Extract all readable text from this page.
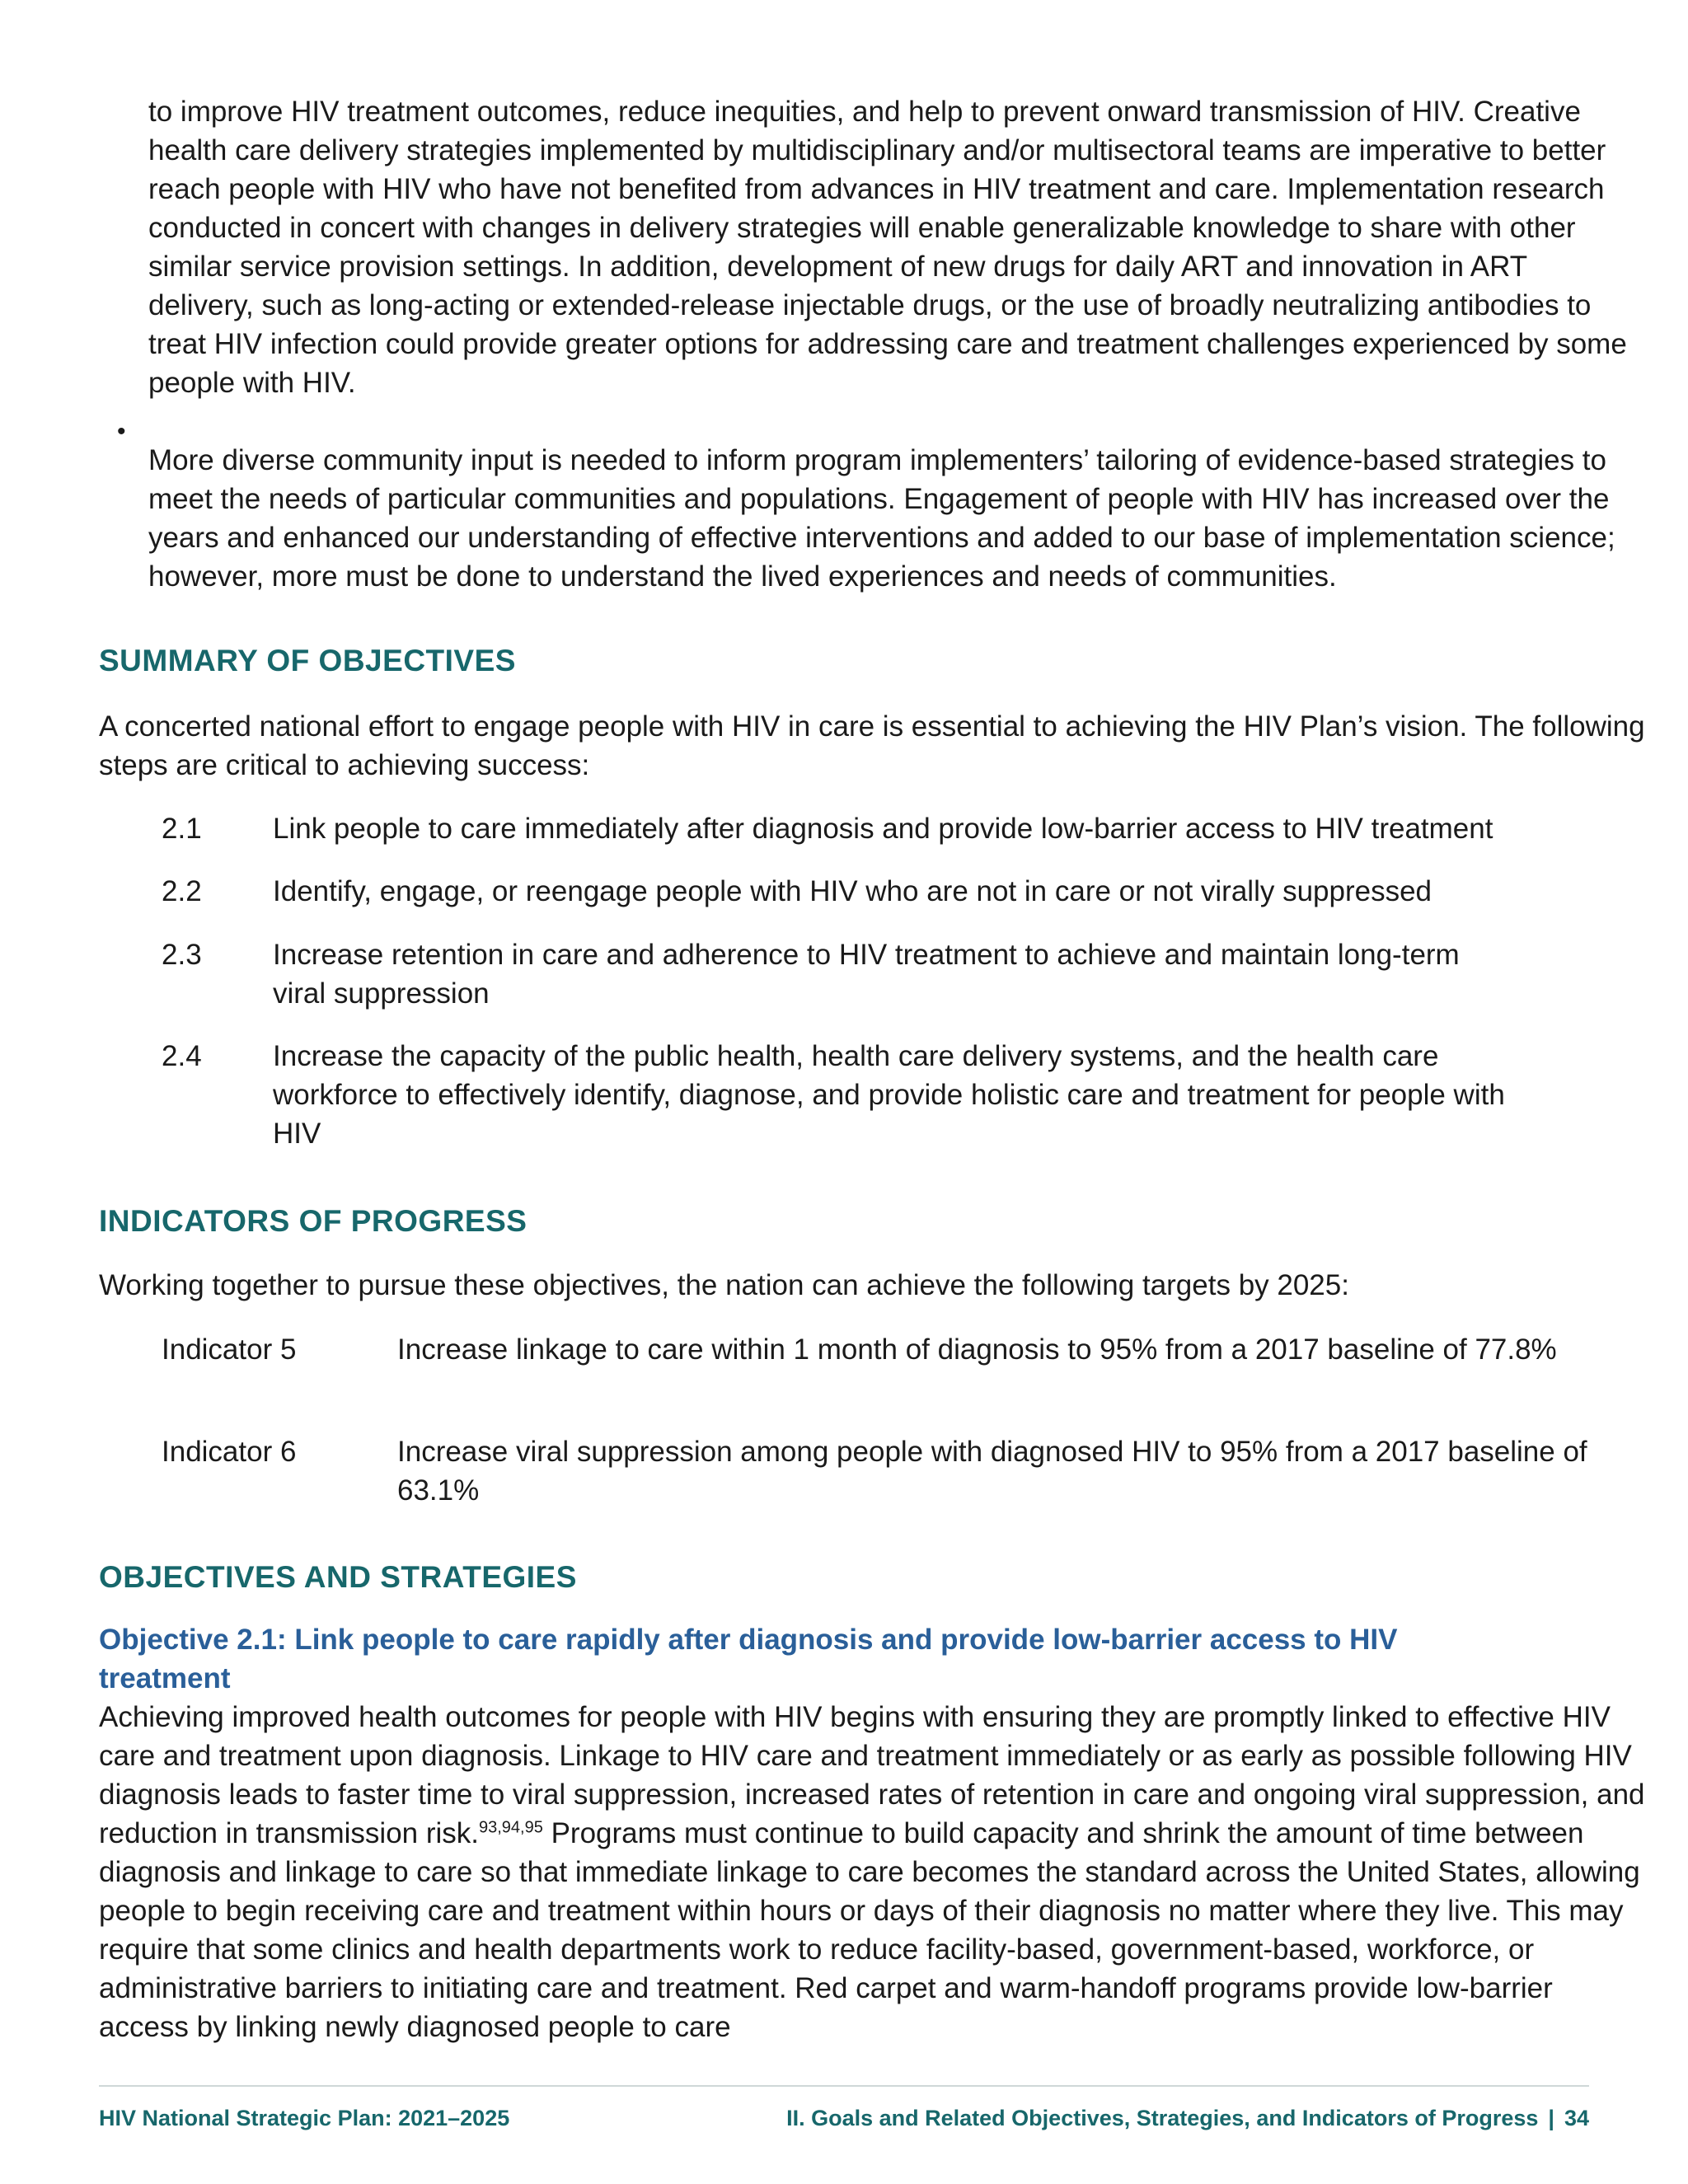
to improve HIV treatment outcomes, reduce inequities, and help to prevent onward transmission of HIV. Creative health care delivery strategies implemented by multidisciplinary and/or multisectoral teams are imperative to better reach people with HIV who have not benefited from advances in HIV treatment and care. Implementation research conducted in concert with changes in delivery strategies will enable generalizable knowledge to share with other similar service provision settings. In addition, development of new drugs for daily ART and innovation in ART delivery, such as long-acting or extended-release injectable drugs, or the use of broadly neutralizing antibodies to treat HIV infection could provide greater options for addressing care and treatment challenges experienced by some people with HIV.

•

More diverse community input is needed to inform program implementers’ tailoring of evidence-based strategies to meet the needs of particular communities and populations. Engagement of people with HIV has increased over the years and enhanced our understanding of effective interventions and added to our base of implementation science; however, more must be done to understand the lived experiences and needs of communities.

SUMMARY OF OBJECTIVES

A concerted national effort to engage people with HIV in care is essential to achieving the HIV Plan’s vision. The following steps are critical to achieving success:

2.1 Link people to care immediately after diagnosis and provide low-barrier access to HIV treatment
2.2 Identify, engage, or reengage people with HIV who are not in care or not virally suppressed
2.3 Increase retention in care and adherence to HIV treatment to achieve and maintain long-term viral suppression
2.4 Increase the capacity of the public health, health care delivery systems, and the health care workforce to effectively identify, diagnose, and provide holistic care and treatment for people with HIV
INDICATORS OF PROGRESS

Working together to pursue these objectives, the nation can achieve the following targets by 2025:

Indicator 5	Increase linkage to care within 1 month of diagnosis to 95% from a 2017 baseline of 77.8%
Indicator 6	Increase viral suppression among people with diagnosed HIV to 95% from a 2017 baseline of 63.1%
OBJECTIVES AND STRATEGIES
Objective 2.1: Link people to care rapidly after diagnosis and provide low-barrier access to HIV treatment

Achieving improved health outcomes for people with HIV begins with ensuring they are promptly linked to effective HIV care and treatment upon diagnosis. Linkage to HIV care and treatment immediately or as early as possible following HIV diagnosis leads to faster time to viral suppression, increased rates of retention in care and ongoing viral suppression, and reduction in transmission risk.$^{93,94,95}$ Programs must continue to build capacity and shrink the amount of time between diagnosis and linkage to care so that immediate linkage to care becomes the standard across the United States, allowing people to begin receiving care and treatment within hours or days of their diagnosis no matter where they live. This may require that some clinics and health departments work to reduce facility-based, government-based, workforce, or administrative barriers to initiating care and treatment. Red carpet and warm-handoff programs provide low-barrier access by linking newly diagnosed people to care

HIV National Strategic Plan: 2021–2025	II. Goals and Related Objectives, Strategies, and Indicators of Progress | 34
